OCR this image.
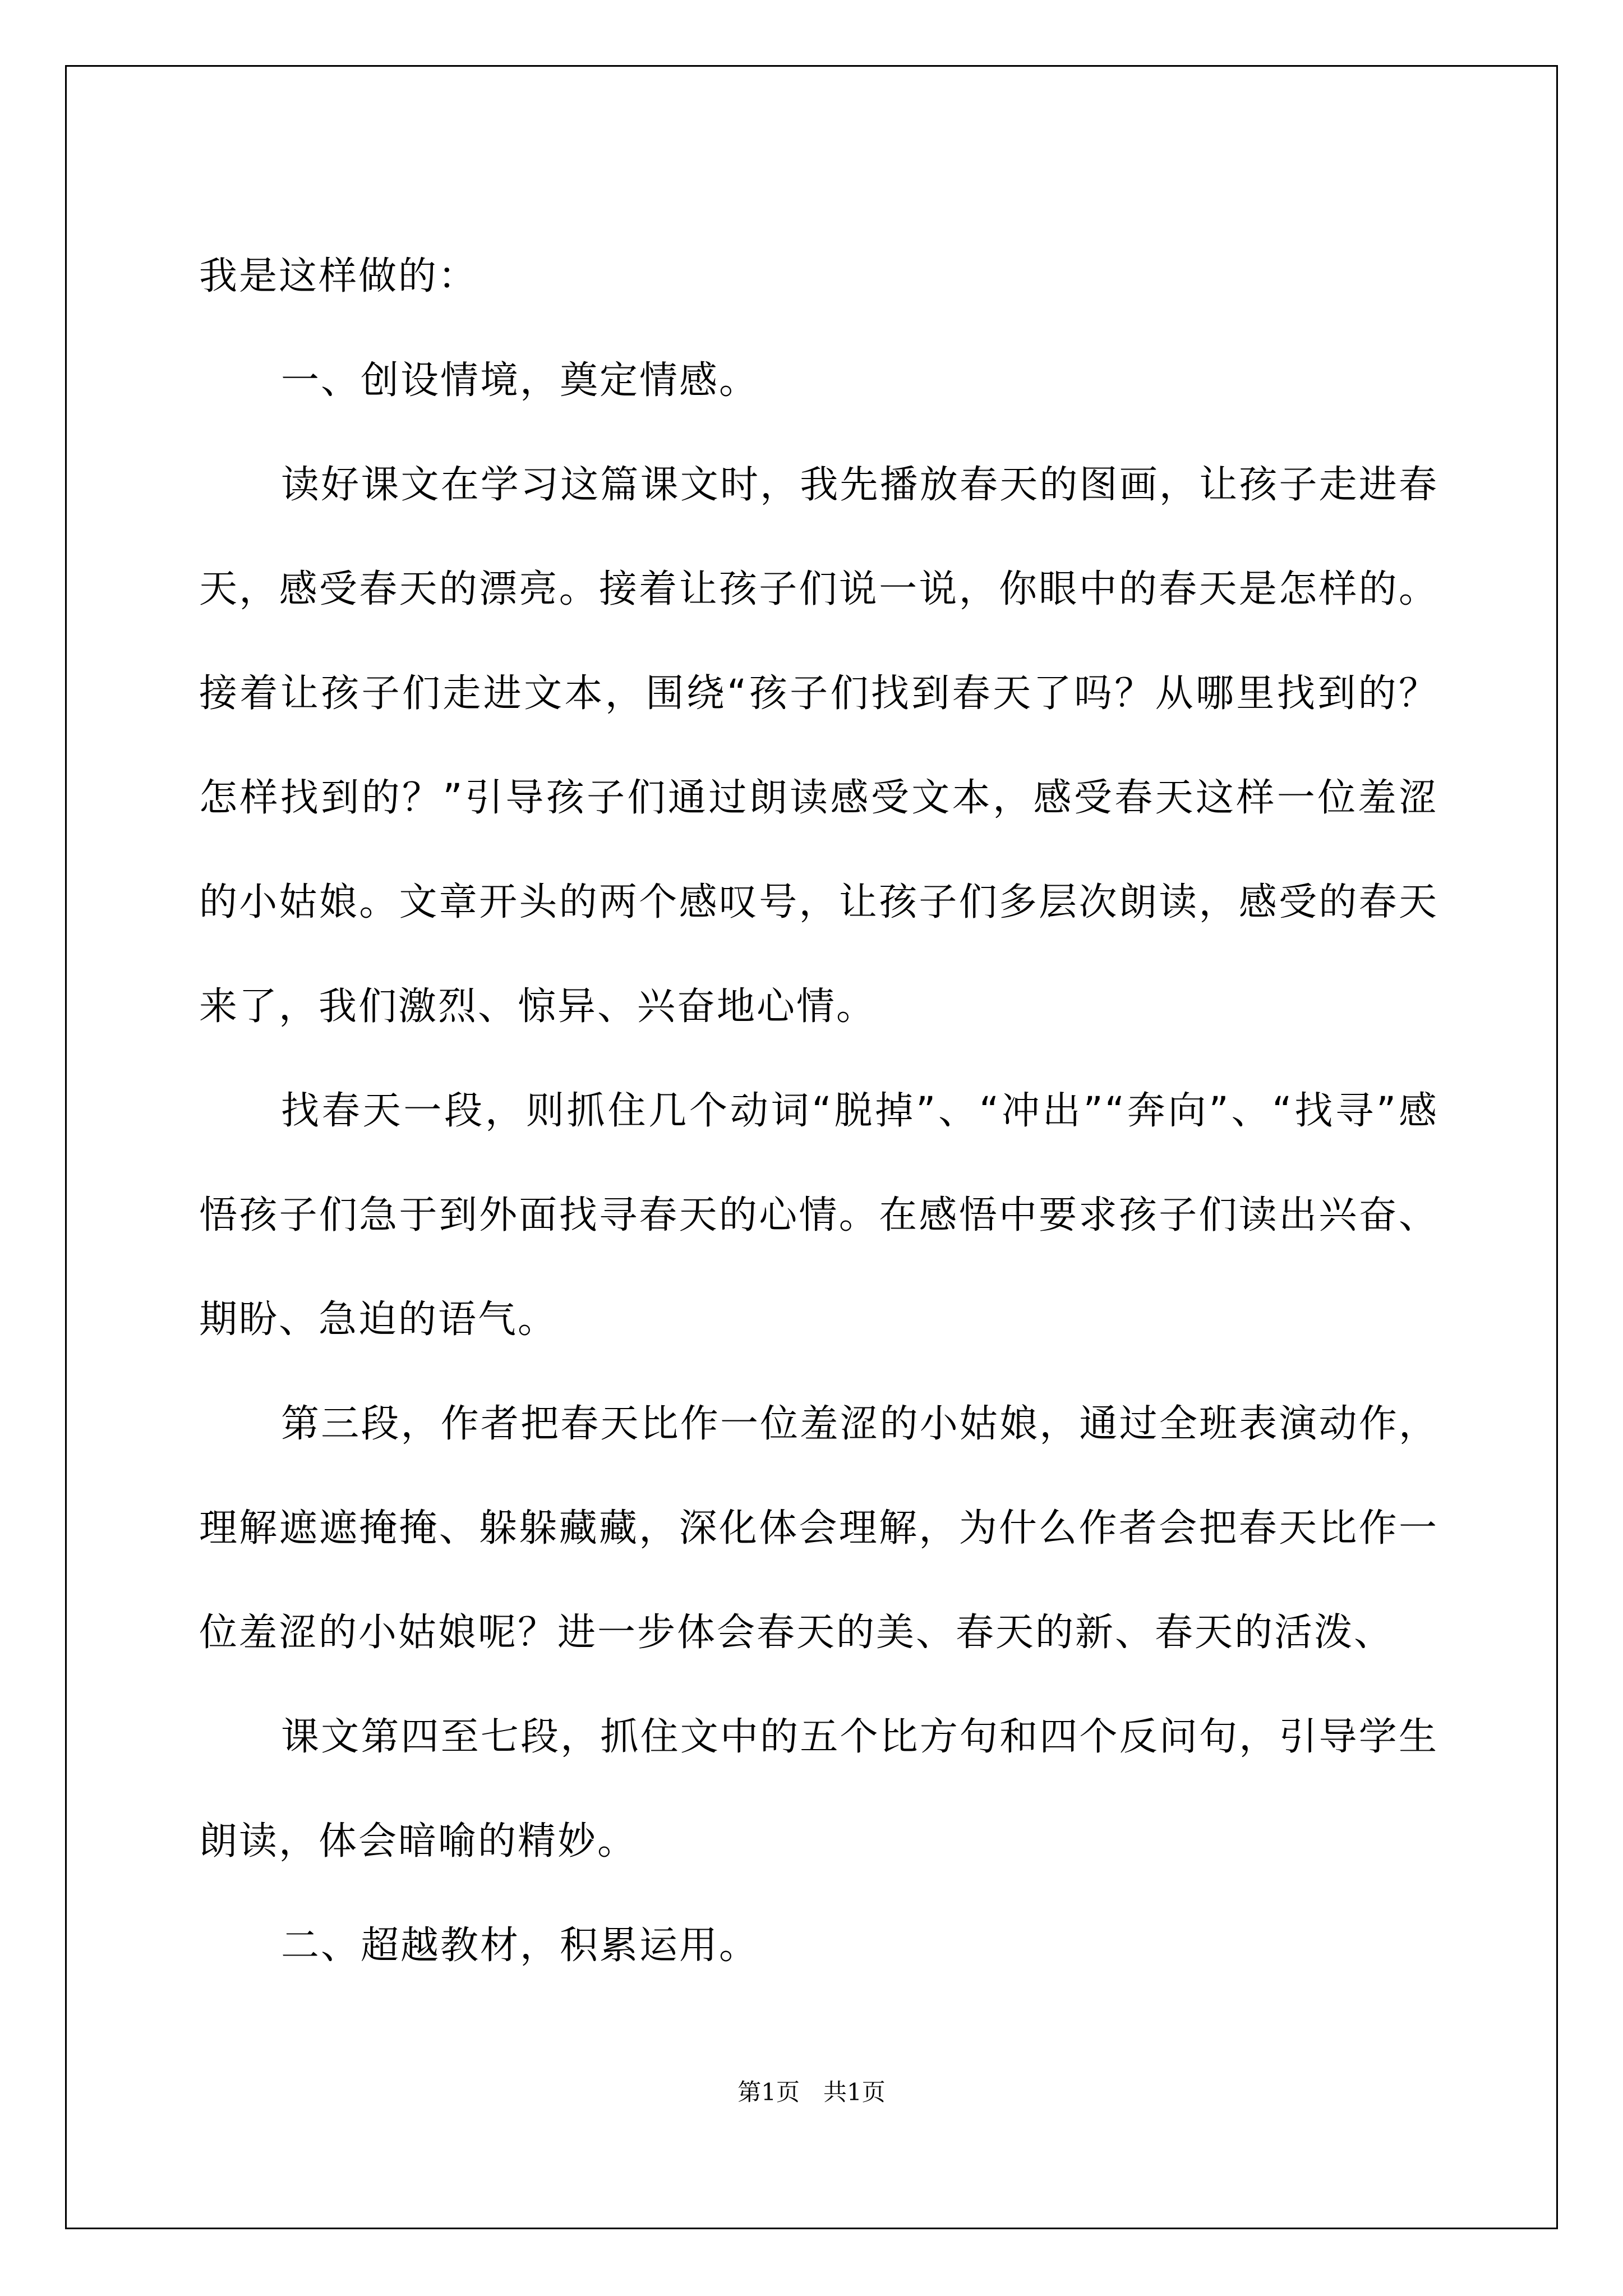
我是这样做的：

一、创设情境，奠定情感。

读好课文在学习这篇课文时，我先播放春天的图画，让孩子走进春天，感受春天的漂亮。接着让孩子们说一说，你眼中的春天是怎样的。接着让孩子们走进文本，围绕“孩子们找到春天了吗？从哪里找到的？怎样找到的？”引导孩子们通过朗读感受文本，感受春天这样一位羞涩的小姑娘。文章开头的两个感叹号，让孩子们多层次朗读，感受的春天来了，我们激烈、惊异、兴奋地心情。

找春天一段，则抓住几个动词“脱掉”、“冲出”“奔向”、“找寻”感悟孩子们急于到外面找寻春天的心情。在感悟中要求孩子们读出兴奋、期盼、急迫的语气。

第三段，作者把春天比作一位羞涩的小姑娘，通过全班表演动作，理解遮遮掩掩、躲躲藏藏，深化体会理解，为什么作者会把春天比作一位羞涩的小姑娘呢？进一步体会春天的美、春天的新、春天的活泼、

课文第四至七段，抓住文中的五个比方句和四个反问句，引导学生朗读，体会暗喻的精妙。

二、超越教材，积累运用。

第1页　共1页
